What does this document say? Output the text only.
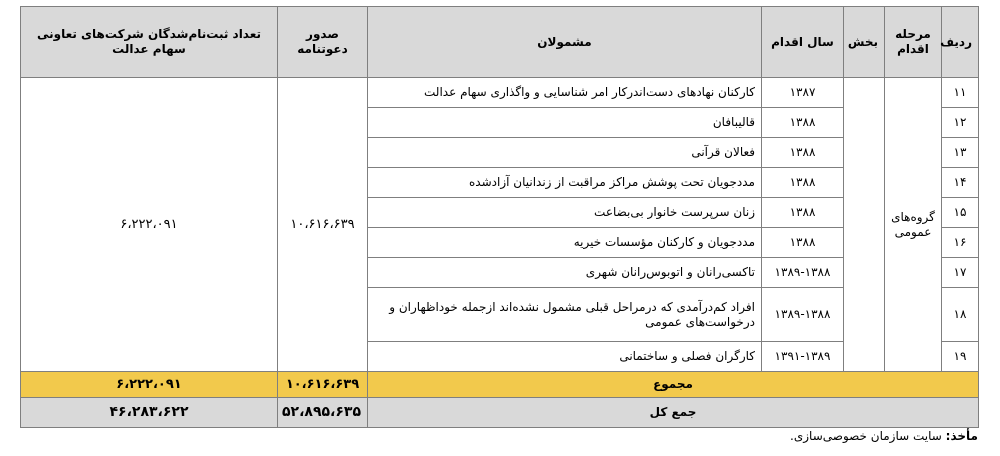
ردیف	مرحله اقدام	بخش	سال اقدام	مشمولان	صدور دعوتنامه	تعداد ثبت‌نام‌شدگان شرکت‌های تعاونی سهام عدالت
۱۱	گروه‌های عمومی		۱۳۸۷	کارکنان نهادهای دست‌اندرکار امر شناسایی و واگذاری سهام عدالت	۱۰،۶۱۶،۶۳۹	۶،۲۲۲،۰۹۱
۱۲			۱۳۸۸	قالیبافان		
۱۳			۱۳۸۸	فعالان قرآنی		
۱۴			۱۳۸۸	مددجویان تحت پوشش مراکز مراقبت از زندانیان آزادشده		
۱۵			۱۳۸۸	زنان سرپرست خانوار بی‌بضاعت		
۱۶			۱۳۸۸	مددجویان و کارکنان مؤسسات خیریه		
۱۷			۱۳۸۹-۱۳۸۸	تاکسی‌رانان و اتوبوس‌رانان شهری		
۱۸			۱۳۸۹-۱۳۸۸	افراد کم‌درآمدی که درمراحل قبلی مشمول نشده‌اند ازجمله خوداظهاران و درخواست‌های عمومی		
۱۹			۱۳۹۱-۱۳۸۹	کارگران فصلی و ساختمانی		
مجموع					۱۰،۶۱۶،۶۳۹	۶،۲۲۲،۰۹۱
جمع کل					۵۲،۸۹۵،۶۳۵	۴۶،۲۸۳،۶۲۲
مأخذ: سایت سازمان خصوصی‌سازی.
